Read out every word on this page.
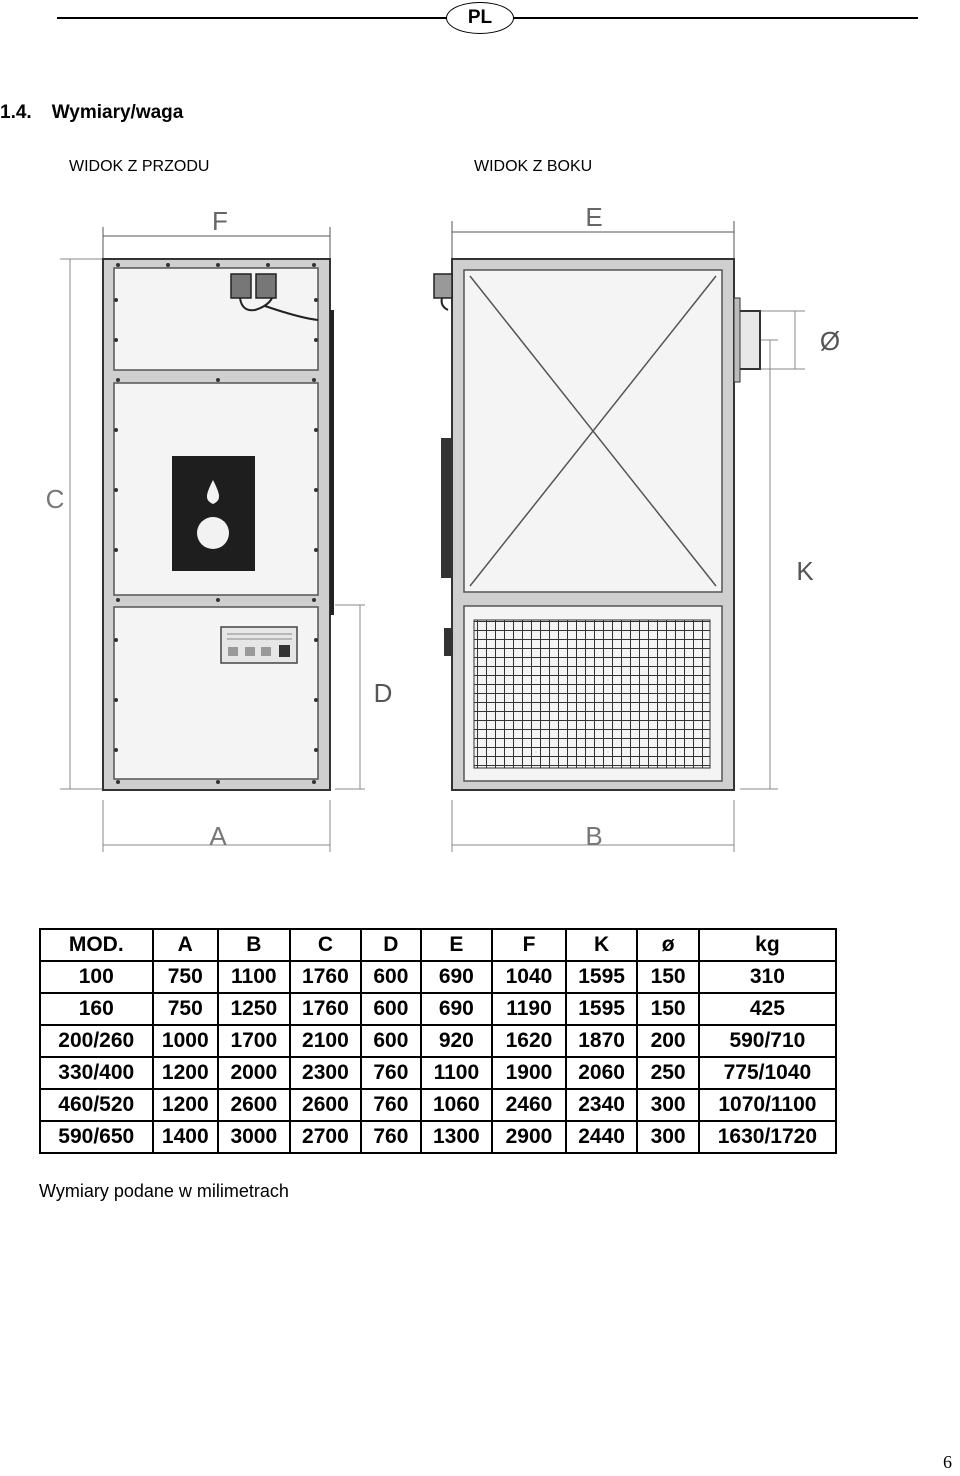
PL
1.4. Wymiary/waga
WIDOK Z PRZODU	WIDOK Z BOKU
F
C
D
A
E
B
Ø
K
MOD.	A	B	C	D	E	F	K	ø	kg
100	750	1100	1760	600	690	1040	1595	150	310
160	750	1250	1760	600	690	1190	1595	150	425
200/260	1000	1700	2100	600	920	1620	1870	200	590/710
330/400	1200	2000	2300	760	1100	1900	2060	250	775/1040
460/520	1200	2600	2600	760	1060	2460	2340	300	1070/1100
590/650	1400	3000	2700	760	1300	2900	2440	300	1630/1720
Wymiary podane w milimetrach
6
